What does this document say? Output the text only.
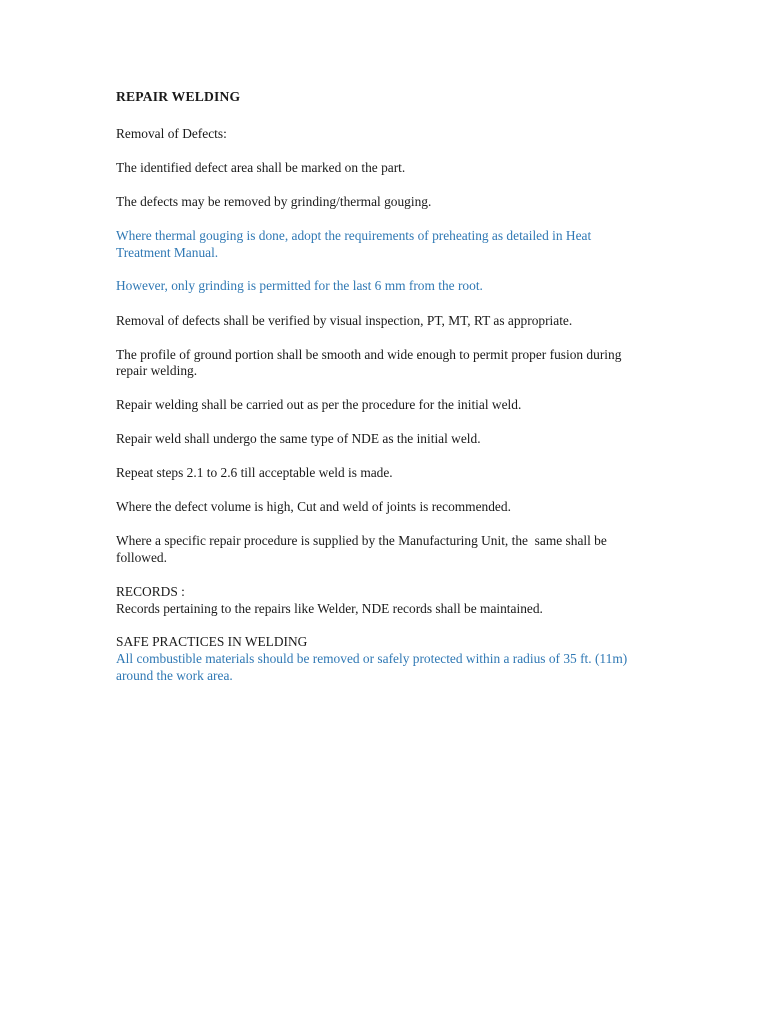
REPAIR WELDING

Removal of Defects:

The identified defect area shall be marked on the part.

The defects may be removed by grinding/thermal gouging.

Where thermal gouging is done, adopt the requirements of preheating as detailed in Heat

Treatment Manual.

However, only grinding is permitted for the last 6 mm from the root.

Removal of defects shall be verified by visual inspection, PT, MT, RT as appropriate.

The profile of ground portion shall be smooth and wide enough to permit proper fusion during

repair welding.

Repair welding shall be carried out as per the procedure for the initial weld.

Repair weld shall undergo the same type of NDE as the initial weld.

Repeat steps 2.1 to 2.6 till acceptable weld is made.

Where the defect volume is high, Cut and weld of joints is recommended.

Where a specific repair procedure is supplied by the Manufacturing Unit, the  same shall be

followed.

RECORDS :

Records pertaining to the repairs like Welder, NDE records shall be maintained.

SAFE PRACTICES IN WELDING

All combustible materials should be removed or safely protected within a radius of 35 ft. (11m)

around the work area.
